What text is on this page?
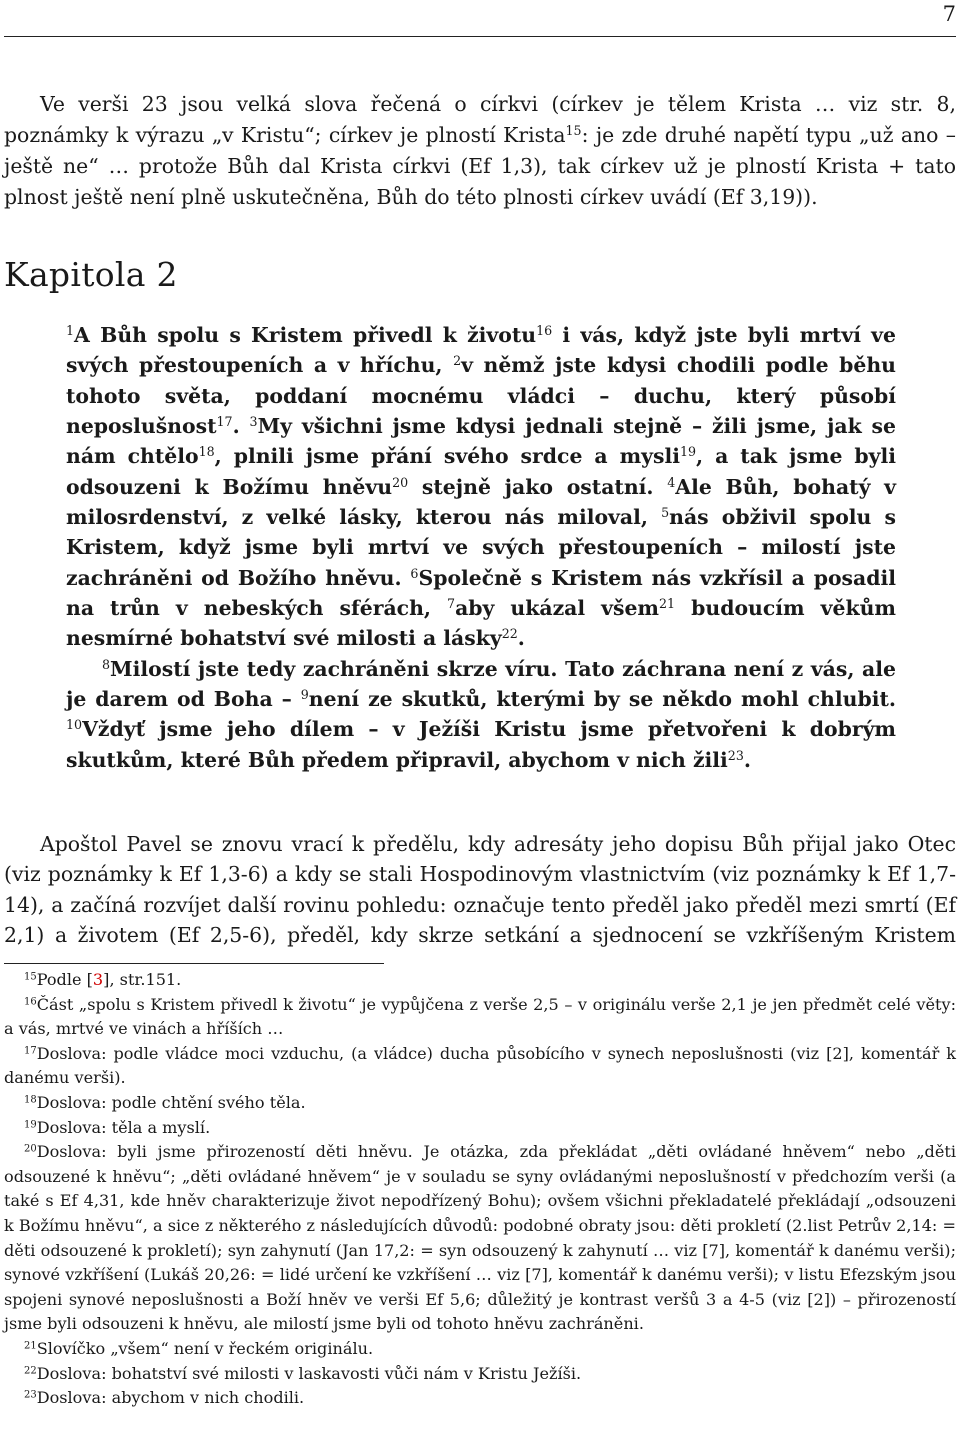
7

Ve verši 23 jsou velká slova řečená o církvi (církev je tělem Krista … viz str. 8, poznámky k výrazu „v Kristu“; církev je plností Krista$^{15}$: je zde druhé napětí typu „už ano – ještě ne“ … protože Bůh dal Krista církvi (Ef 1,3), tak církev už je plností Krista + tato plnost ještě není plně uskutečněna, Bůh do této plnosti církev uvádí (Ef 3,19)).

Kapitola 2

$^1$A Bůh spolu s Kristem přivedl k životu$^{16}$ i vás, když jste byli mrtví ve svých přestoupeních a v hříchu, $^2$v němž jste kdysi chodili podle běhu tohoto světa, poddaní mocnému vládci – duchu, který působí neposlušnost$^{17}$. $^3$My všichni jsme kdysi jednali stejně – žili jsme, jak se nám chtělo$^{18}$, plnili jsme přání svého srdce a mysli$^{19}$, a tak jsme byli odsouzeni k Božímu hněvu$^{20}$ stejně jako ostatní. $^4$Ale Bůh, bohatý v milosrdenství, z velké lásky, kterou nás miloval, $^5$nás obživil spolu s Kristem, když jsme byli mrtví ve svých přestoupeních – milostí jste zachráněni od Božího hněvu. $^6$Společně s Kristem nás vzkřísil a posadil na trůn v nebeských sférách, $^7$aby ukázal všem$^{21}$ budoucím věkům nesmírné bohatství své milosti a lásky$^{22}$.
$^8$Milostí jste tedy zachráněni skrze víru. Tato záchrana není z vás, ale je darem od Boha – $^9$není ze skutků, kterými by se někdo mohl chlubit. $^{10}$Vždyť jsme jeho dílem – v Ježíši Kristu jsme přetvořeni k dobrým skutkům, které Bůh předem připravil, abychom v nich žili$^{23}$.

Apoštol Pavel se znovu vrací k předělu, kdy adresáty jeho dopisu Bůh přijal jako Otec (viz poznámky k Ef 1,3-6) a kdy se stali Hospodinovým vlastnictvím (viz poznámky k Ef 1,7-14), a začíná rozvíjet další rovinu pohledu: označuje tento předěl jako předěl mezi smrtí (Ef 2,1) a životem (Ef 2,5-6), předěl, kdy skrze setkání a sjednocení se vzkříšeným Kristem

$^{15}$Podle [3], str.151.
$^{16}$Část „spolu s Kristem přivedl k životu“ je vypůjčena z verše 2,5 – v originálu verše 2,1 je jen předmět celé věty: a vás, mrtvé ve vinách a hříších …
$^{17}$Doslova: podle vládce moci vzduchu, (a vládce) ducha působícího v synech neposlušnosti (viz [2], komentář k danému verši).
$^{18}$Doslova: podle chtění svého těla.
$^{19}$Doslova: těla a myslí.
$^{20}$Doslova: byli jsme přirozeností děti hněvu. Je otázka, zda překládat „děti ovládané hněvem“ nebo „děti odsouzené k hněvu“; „děti ovládané hněvem“ je v souladu se syny ovládanými neposlušností v předchozím verši (a také s Ef 4,31, kde hněv charakterizuje život nepodřízený Bohu); ovšem všichni překladatelé překládají „odsouzeni k Božímu hněvu“, a sice z některého z následujících důvodů: podobné obraty jsou: děti prokletí (2.list Petrův 2,14: = děti odsouzené k prokletí); syn zahynutí (Jan 17,2: = syn odsouzený k zahynutí … viz [7], komentář k danému verši); synové vzkříšení (Lukáš 20,26: = lidé určení ke vzkříšení … viz [7], komentář k danému verši); v listu Efezským jsou spojeni synové neposlušnosti a Boží hněv ve verši Ef 5,6; důležitý je kontrast veršů 3 a 4-5 (viz [2]) – přirozeností jsme byli odsouzeni k hněvu, ale milostí jsme byli od tohoto hněvu zachráněni.
$^{21}$Slovíčko „všem“ není v řeckém originálu.
$^{22}$Doslova: bohatství své milosti v laskavosti vůči nám v Kristu Ježíši.
$^{23}$Doslova: abychom v nich chodili.
